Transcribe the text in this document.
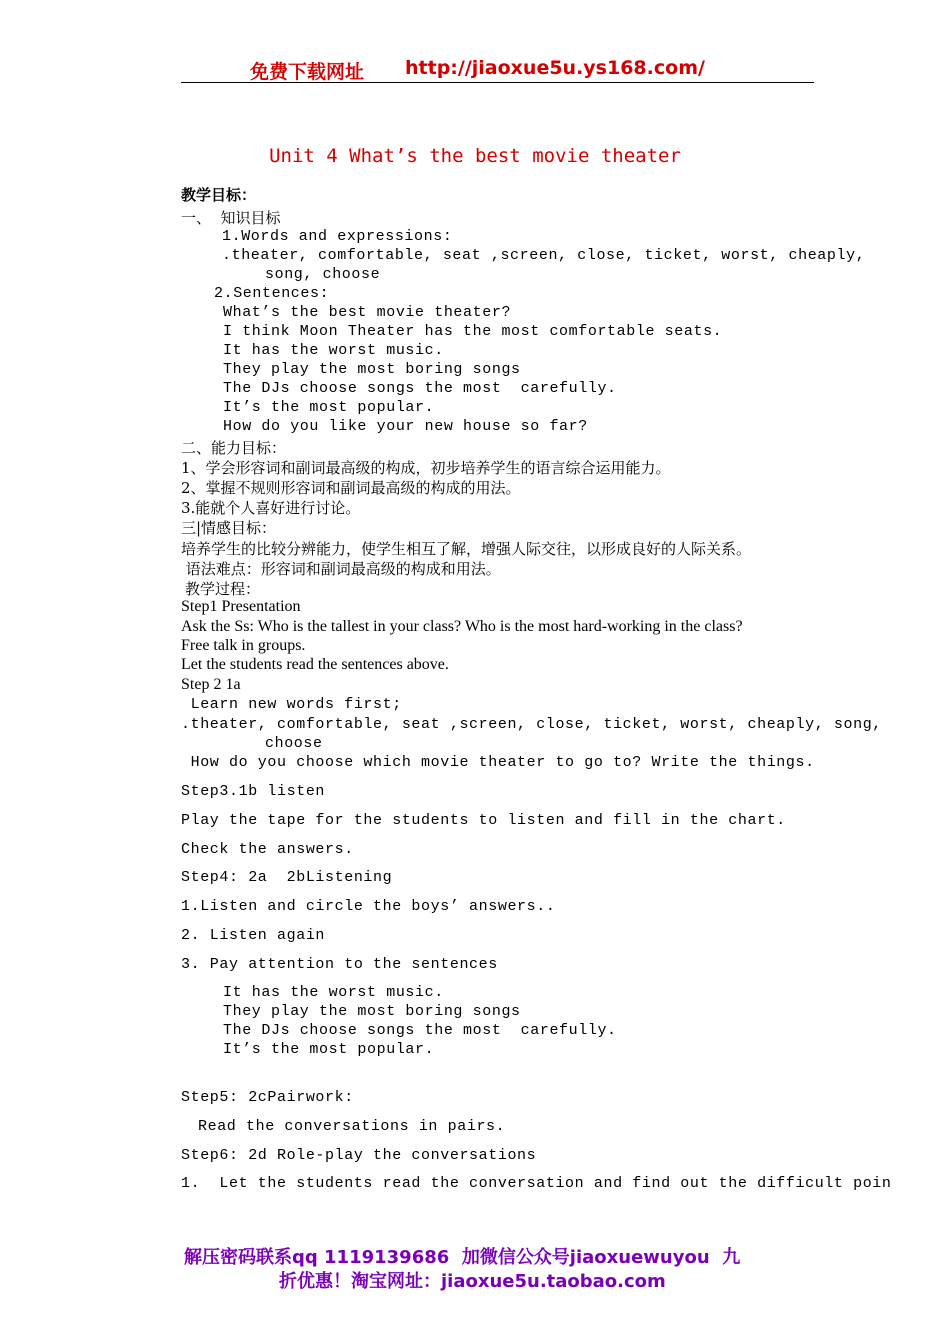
免费下载网址 http://jiaoxue5u.ys168.com/
Unit 4 What’s the best movie theater
教学目标：
一、  知识目标
1.Words and expressions:
.theater, comfortable, seat ,screen, close, ticket, worst, cheaply,
song, choose
2.Sentences:
What’s the best movie theater?
I think Moon Theater has the most comfortable seats.
It has the worst music.
They play the most boring songs
The DJs choose songs the most  carefully.
It’s the most popular.
How do you like your new house so far?
二、能力目标：
1、学会形容词和副词最高级的构成，初步培养学生的语言综合运用能力。
2、掌握不规则形容词和副词最高级的构成的用法。
3.能就个人喜好进行讨论。
三|情感目标：
培养学生的比较分辨能力，使学生相互了解，增强人际交往，以形成良好的人际关系。
语法难点：形容词和副词最高级的构成和用法。
教学过程：
Step1 Presentation
Ask the Ss: Who is the tallest in your class? Who is the most hard-working in the class?
Free talk in groups.
Let the students read the sentences above.
Step 2 1a
Learn new words first;
.theater, comfortable, seat ,screen, close, ticket, worst, cheaply, song,
choose
How do you choose which movie theater to go to? Write the things.
Step3.1b listen
Play the tape for the students to listen and fill in the chart.
Check the answers.
Step4: 2a  2bListening
1.Listen and circle the boys’ answers..
2. Listen again
3. Pay attention to the sentences
It has the worst music.
They play the most boring songs
The DJs choose songs the most  carefully.
It’s the most popular.
Step5: 2cPairwork:
Read the conversations in pairs.
Step6: 2d Role-play the conversations
1.  Let the students read the conversation and find out the difficult poin
解压密码联系qq 1119139686  加微信公众号jiaoxuewuyou  九
折优惠！淘宝网址：jiaoxue5u.taobao.com
